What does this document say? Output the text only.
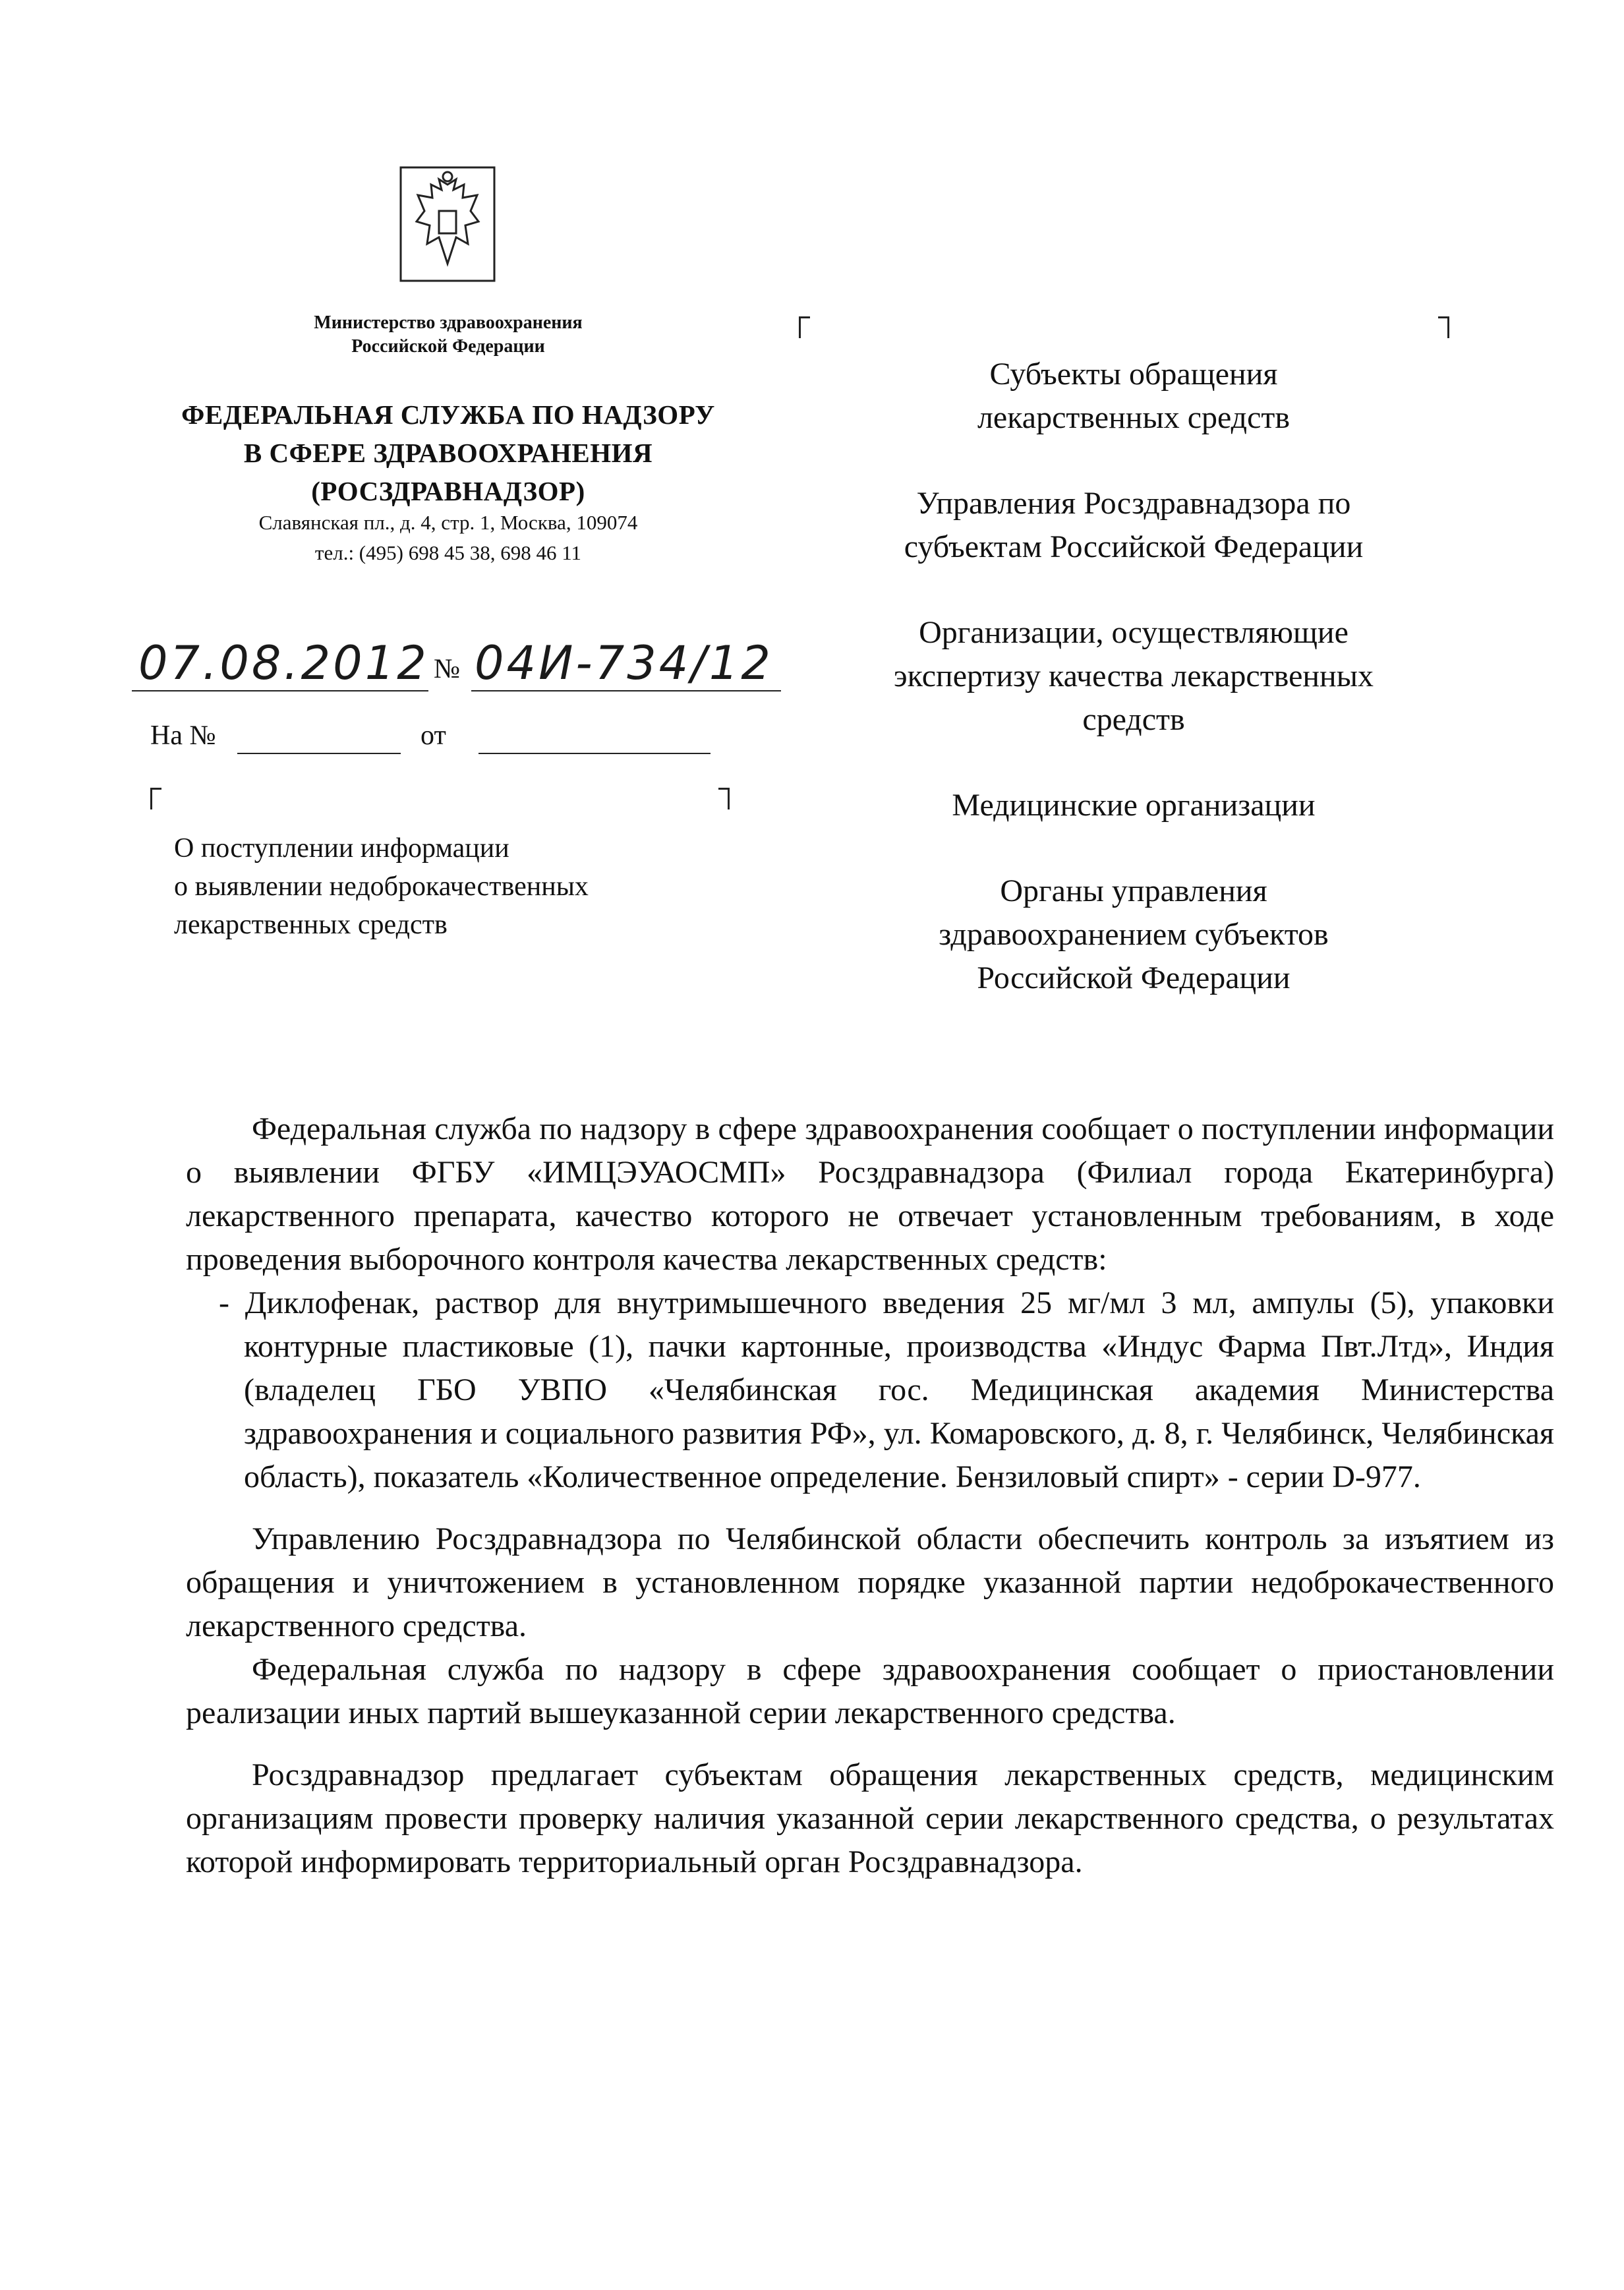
Министерство здравоохранения
Российской Федерации
ФЕДЕРАЛЬНАЯ СЛУЖБА ПО НАДЗОРУ
В СФЕРЕ ЗДРАВООХРАНЕНИЯ
(РОСЗДРАВНАДЗОР)
Славянская пл., д. 4, стр. 1, Москва, 109074
тел.: (495) 698 45 38, 698 46 11
07.08.2012 № 04И-734/12
На №	от
О поступлении информации
о выявлении недоброкачественных
лекарственных средств

Субъекты обращения
лекарственных средств

Управления Росздравнадзора по
субъектам Российской Федерации

Организации, осуществляющие
экспертизу качества лекарственных
средств

Медицинские организации

Органы управления
здравоохранением субъектов
Российской Федерации

Федеральная служба по надзору в сфере здравоохранения сообщает о поступлении информации о выявлении ФГБУ «ИМЦЭУАОСМП» Росздравнадзора (Филиал города Екатеринбурга) лекарственного препарата, качество которого не отвечает установленным требованиям, в ходе проведения выборочного контроля качества лекарственных средств:

- Диклофенак, раствор для внутримышечного введения 25 мг/мл 3 мл, ампулы (5), упаковки контурные пластиковые (1), пачки картонные, производства «Индус Фарма Пвт.Лтд», Индия (владелец ГБО УВПО «Челябинская гос. Медицинская академия Министерства здравоохранения и социального развития РФ», ул. Комаровского, д. 8, г. Челябинск, Челябинская область), показатель «Количественное определение. Бензиловый спирт» - серии D-977.

Управлению Росздравнадзора по Челябинской области обеспечить контроль за изъятием из обращения и уничтожением в установленном порядке указанной партии недоброкачественного лекарственного средства.

Федеральная служба по надзору в сфере здравоохранения сообщает о приостановлении реализации иных партий вышеуказанной серии лекарственного средства.

Росздравнадзор предлагает субъектам обращения лекарственных средств, медицинским организациям провести проверку наличия указанной серии лекарственного средства, о результатах которой информировать территориальный орган Росздравнадзора.
